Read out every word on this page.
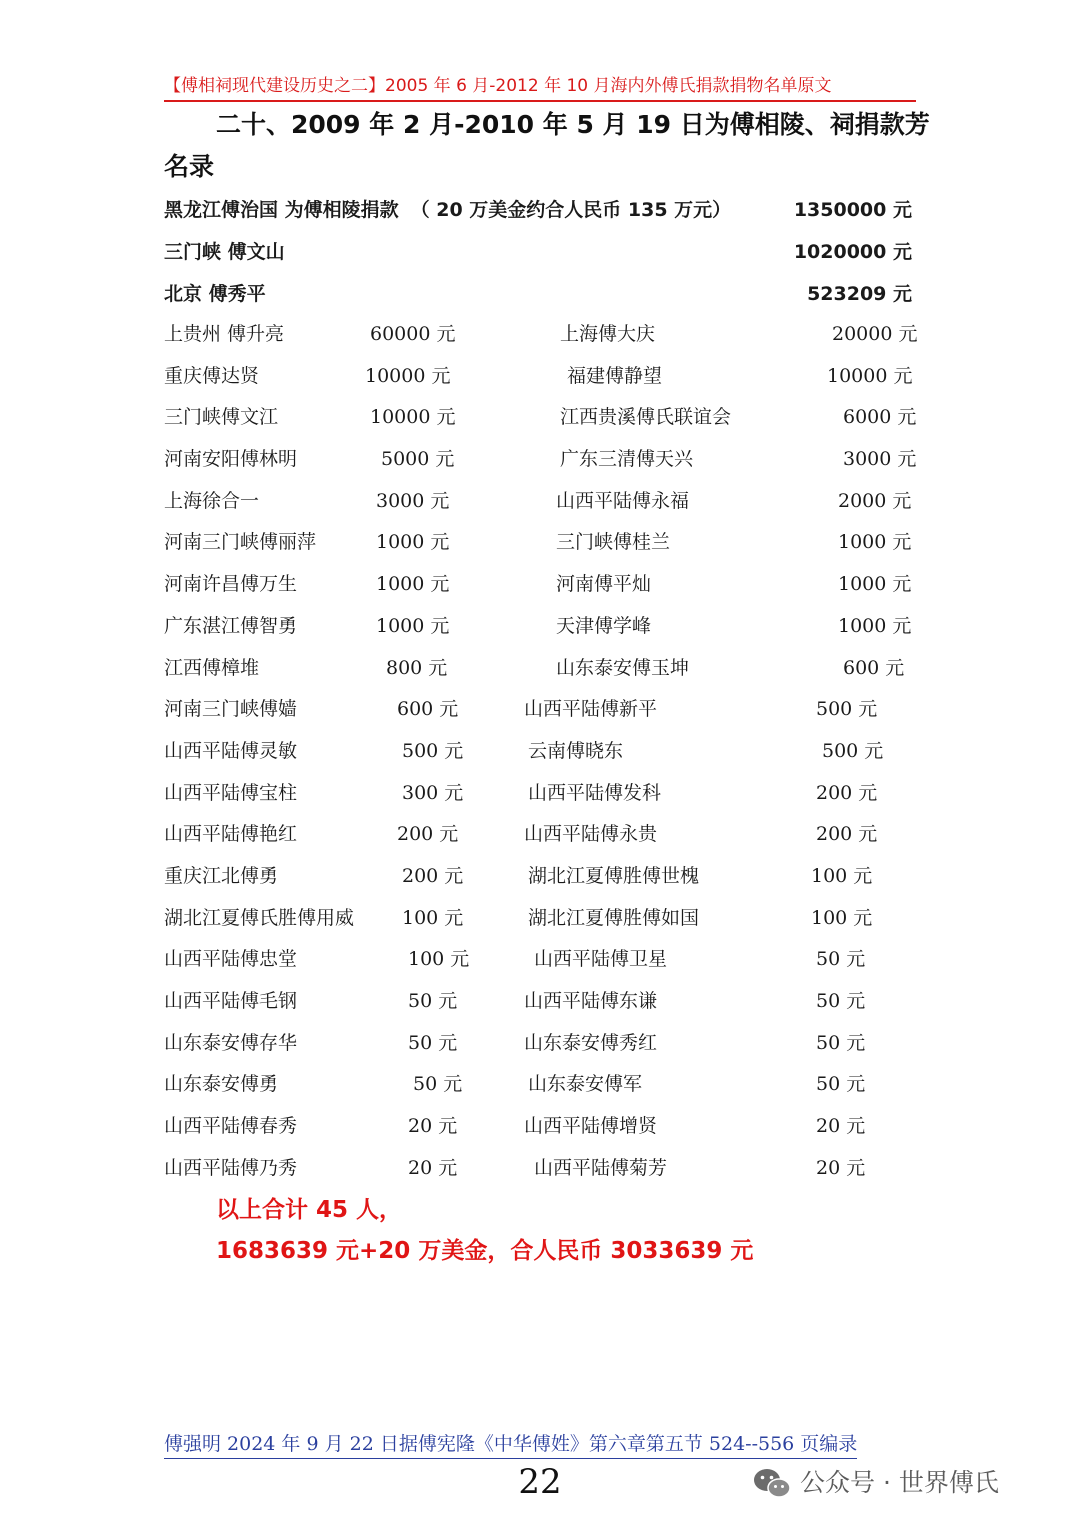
【傅相祠现代建设历史之二】2005 年 6 月-2012 年 10 月海内外傅氏捐款捐物名单原文
二十、2009 年 2 月-2010 年 5 月 19 日为傅相陵、祠捐款芳
名录
黑龙江傅治国 为傅相陵捐款 （ 20 万美金约合人民币 135 万元）	1350000 元
三门峡 傅文山	1020000 元
北京 傅秀平	523209 元
上贵州 傅升亮	60000 元	上海傅大庆	20000 元
重庆傅达贤	10000 元	福建傅静望	10000 元
三门峡傅文江	10000 元	江西贵溪傅氏联谊会	6000 元
河南安阳傅林明	5000 元	广东三清傅天兴	3000 元
上海徐合一	3000 元	山西平陆傅永福	2000 元
河南三门峡傅丽萍	1000 元	三门峡傅桂兰	1000 元
河南许昌傅万生	1000 元	河南傅平灿	1000 元
广东湛江傅智勇	1000 元	天津傅学峰	1000 元
江西傅樟堆	800 元	山东泰安傅玉坤	600 元
河南三门峡傅嫱	600 元	山西平陆傅新平	500 元
山西平陆傅灵敏	500 元	云南傅晓东	500 元
山西平陆傅宝柱	300 元	山西平陆傅发科	200 元
山西平陆傅艳红	200 元	山西平陆傅永贵	200 元
重庆江北傅勇	200 元	湖北江夏傅胜傅世槐	100 元
湖北江夏傅氏胜傅用威	100 元	湖北江夏傅胜傅如国	100 元
山西平陆傅忠堂	100 元	山西平陆傅卫星	50 元
山西平陆傅毛钢	50 元	山西平陆傅东谦	50 元
山东泰安傅存华	50 元	山东泰安傅秀红	50 元
山东泰安傅勇	50 元	山东泰安傅军	50 元
山西平陆傅春秀	20 元	山西平陆傅增贤	20 元
山西平陆傅乃秀	20 元	山西平陆傅菊芳	20 元
以上合计 45 人，
1683639 元+20 万美金，合人民币 3033639 元
傅强明 2024 年 9 月 22 日据傅宪隆《中华傅姓》第六章第五节 524--556 页编录
22	公众号 · 世界傅氏
